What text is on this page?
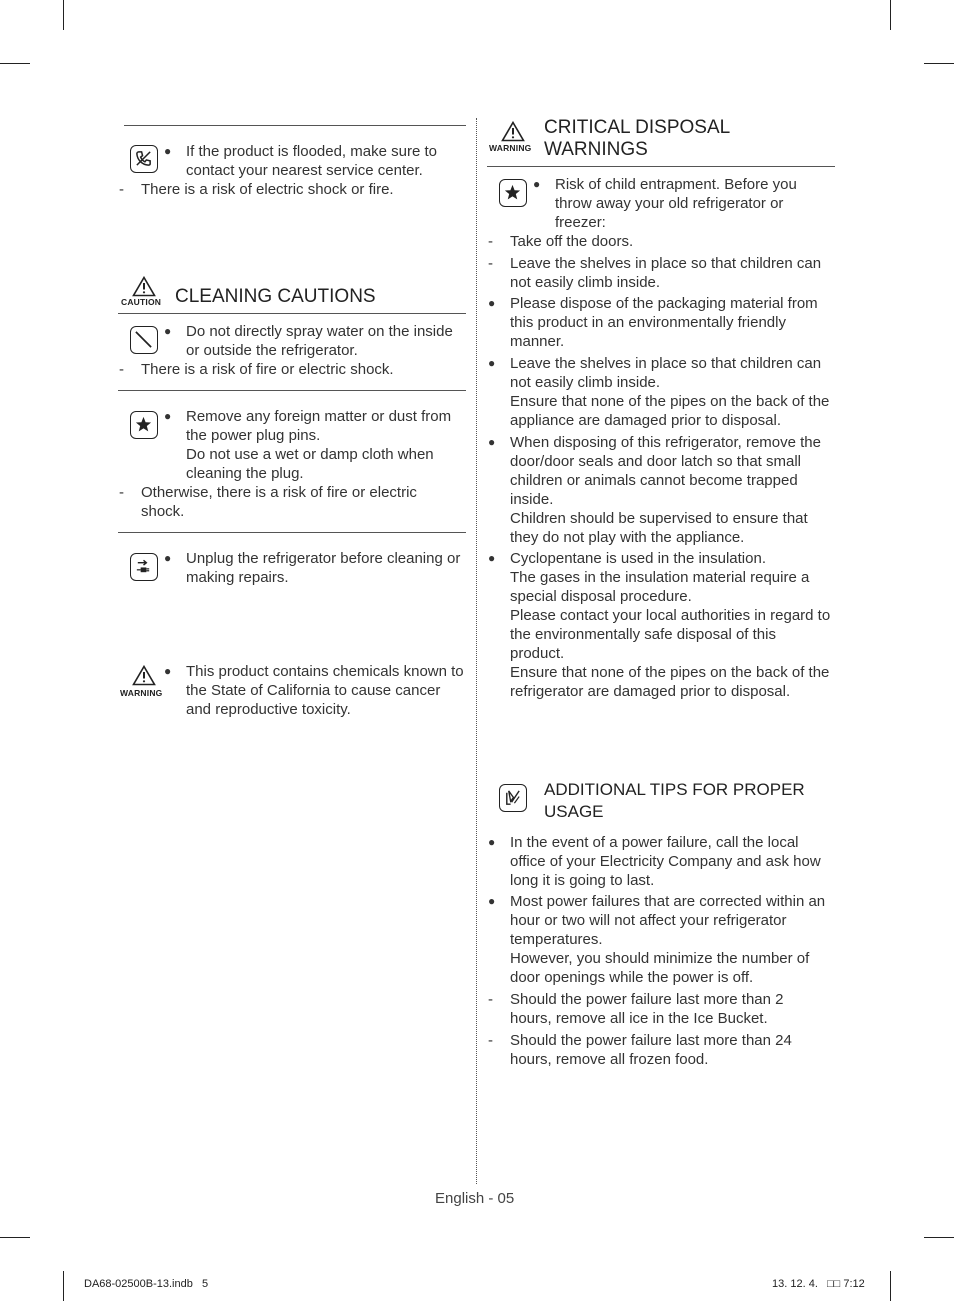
● If the product is flooded, make sure to contact your nearest service center.
- There is a risk of electric shock or fire.
CAUTION CLEANING CAUTIONS
● Do not directly spray water on the inside or outside the refrigerator.
- There is a risk of fire or electric shock.
● Remove any foreign matter or dust from the power plug pins.
Do not use a wet or damp cloth when cleaning the plug.
- Otherwise, there is a risk of fire or electric shock.
● Unplug the refrigerator before cleaning or making repairs.
WARNING
● This product contains chemicals known to the State of California to cause cancer and reproductive toxicity.
WARNING
CRITICAL DISPOSAL
WARNINGS
● Risk of child entrapment. Before you throw away your old refrigerator or freezer:
- Take off the doors.
- Leave the shelves in place so that children can not easily climb inside.
● Please dispose of the packaging material from this product in an environmentally friendly manner.
● Leave the shelves in place so that children can not easily climb inside.
Ensure that none of the pipes on the back of the appliance are damaged prior to disposal.
● When disposing of this refrigerator, remove the door/door seals and door latch so that small children or animals cannot become trapped inside.
Children should be supervised to ensure that they do not play with the appliance.
● Cyclopentane is used in the insulation.
The gases in the insulation material require a special disposal procedure.
Please contact your local authorities in regard to the environmentally safe disposal of this product.
Ensure that none of the pipes on the back of the refrigerator are damaged prior to disposal.
ADDITIONAL TIPS FOR PROPER
USAGE
● In the event of a power failure, call the local office of your Electricity Company and ask how long it is going to last.
● Most power failures that are corrected within an hour or two will not affect your refrigerator temperatures.
However, you should minimize the number of door openings while the power is off.
- Should the power failure last more than 2 hours, remove all ice in the Ice Bucket.
- Should the power failure last more than 24 hours, remove all frozen food.
English - 05
DA68-02500B-13.indb   5	13. 12. 4.   □□ 7:12
